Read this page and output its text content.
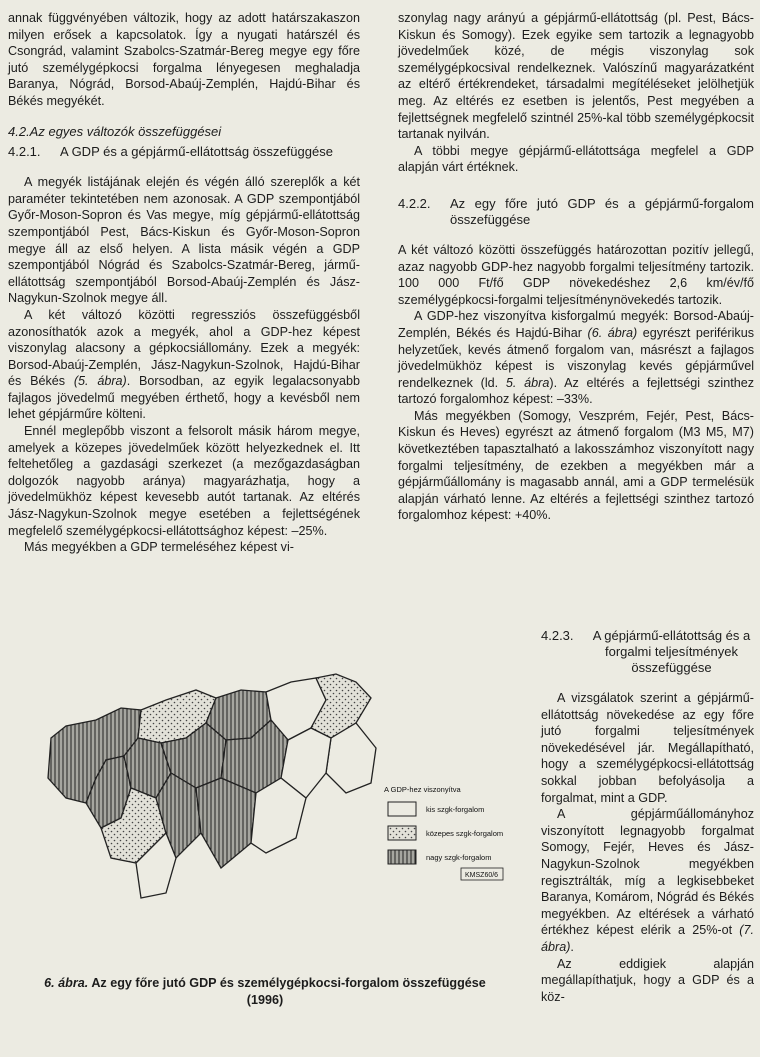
annak függvényében változik, hogy az adott határszakaszon milyen erősek a kapcsolatok. Így a nyugati határszél és Csongrád, valamint Szabolcs-Szatmár-Bereg megye egy főre jutó személygépkocsi forgalma lényegesen meghaladja Baranya, Nógrád, Borsod-Abaúj-Zemplén, Hajdú-Bihar és Békés megyékét.

4.2.Az egyes változók összefüggései
4.2.1.	A GDP és a gépjármű-ellátottság összefüggése

A megyék listájának elején és végén álló szereplők a két paraméter tekintetében nem azonosak. A GDP szempontjából Győr-Moson-Sopron és Vas megye, míg gépjármű-ellátottság szempontjából Pest, Bács-Kiskun és Győr-Moson-Sopron megye áll az első helyen. A lista másik végén a GDP szempontjából Nógrád és Szabolcs-Szatmár-Bereg, jármű-ellátottság szempontjából Borsod-Abaúj-Zemplén és Jász-Nagykun-Szolnok megye áll.

A két változó közötti regressziós összefüggésből azonosíthatók azok a megyék, ahol a GDP-hez képest viszonylag alacsony a gépkocsiállomány. Ezek a megyék: Borsod-Abaúj-Zemplén, Jász-Nagykun-Szolnok, Hajdú-Bihar és Békés (5. ábra). Borsodban, az egyik legalacsonyabb fajlagos jövedelmű megyében érthető, hogy a kevésből nem lehet gépjárműre költeni.

Ennél meglepőbb viszont a felsorolt másik három megye, amelyek a közepes jövedelműek között helyezkednek el. Itt feltehetőleg a gazdasági szerkezet (a mezőgazdaságban dolgozók nagyobb aránya) magyarázhatja, hogy a jövedelmükhöz képest kevesebb autót tartanak. Az eltérés Jász-Nagykun-Szolnok megye esetében a fejlettségének megfelelő személygépkocsi-ellátottsághoz képest: –25%.

Más megyékben a GDP termeléséhez képest vi-

szonylag nagy arányú a gépjármű-ellátottság (pl. Pest, Bács-Kiskun és Somogy). Ezek egyike sem tartozik a legnagyobb jövedelműek közé, de mégis viszonylag sok személygépkocsival rendelkeznek. Valószínű magyarázatként az eltérő értékrendeket, társadalmi megítéléseket jelölhetjük meg. Az eltérés ez esetben is jelentős, Pest megyében a fejlettségnek megfelelő szintnél 25%-kal több személygépkocsit tartanak nyilván.

A többi megye gépjármű-ellátottsága megfelel a GDP alapján várt értéknek.

4.2.2.	Az egy főre jutó GDP és a gépjármű-forgalom összefüggése

A két változó közötti összefüggés határozottan pozitív jellegű, azaz nagyobb GDP-hez nagyobb forgalmi teljesítmény tartozik. 100 000 Ft/fő GDP növekedéshez 2,6 km/év/fő személygépkocsi-forgalmi teljesítménynövekedés tartozik.

A GDP-hez viszonyítva kisforgalmú megyék: Borsod-Abaúj-Zemplén, Békés és Hajdú-Bihar (6. ábra) egyrészt periférikus helyzetűek, kevés átmenő forgalom van, másrészt a fajlagos jövedelmükhöz képest is viszonylag kevés gépjárművel rendelkeznek (ld. 5. ábra). Az eltérés a fejlettségi szinthez tartozó forgalomhoz képest: –33%.

Más megyékben (Somogy, Veszprém, Fejér, Pest, Bács-Kiskun és Heves) egyrészt az átmenő forgalom (M3 M5, M7) következtében tapasztalható a lakosszámhoz viszonyított nagy forgalmi teljesítmény, de ezekben a megyékben már a gépjárműállomány is magasabb annál, ami a GDP termelésük alapján várható lenne. Az eltérés a fejlettségi szinthez tartozó forgalomhoz képest: +40%.

4.2.3.	A gépjármű-ellátottság és a forgalmi teljesítmények összefüggése

A vizsgálatok szerint a gépjármű-ellátottság növekedése az egy főre jutó forgalmi teljesítmények növekedésével jár. Megállapítható, hogy a személygépkocsi-ellátottság sokkal jobban befolyásolja a forgalmat, mint a GDP.

A gépjárműállományhoz viszonyított legnagyobb forgalmat Somogy, Fejér, Heves és Jász-Nagykun-Szolnok megyékben regisztrálták, míg a legkisebbeket Baranya, Komárom, Nógrád és Békés megyékben. Az eltérések a várható értékhez képest elérik a 25%-ot (7. ábra).

Az eddigiek alapján megállapíthatjuk, hogy a GDP és a köz-

A GDP-hez viszonyítva
kis szgk-forgalom
közepes szgk-forgalom
nagy szgk-forgalom
KMSZ60/6
6. ábra. Az egy főre jutó GDP és személygépkocsi-forgalom összefüggése (1996)
